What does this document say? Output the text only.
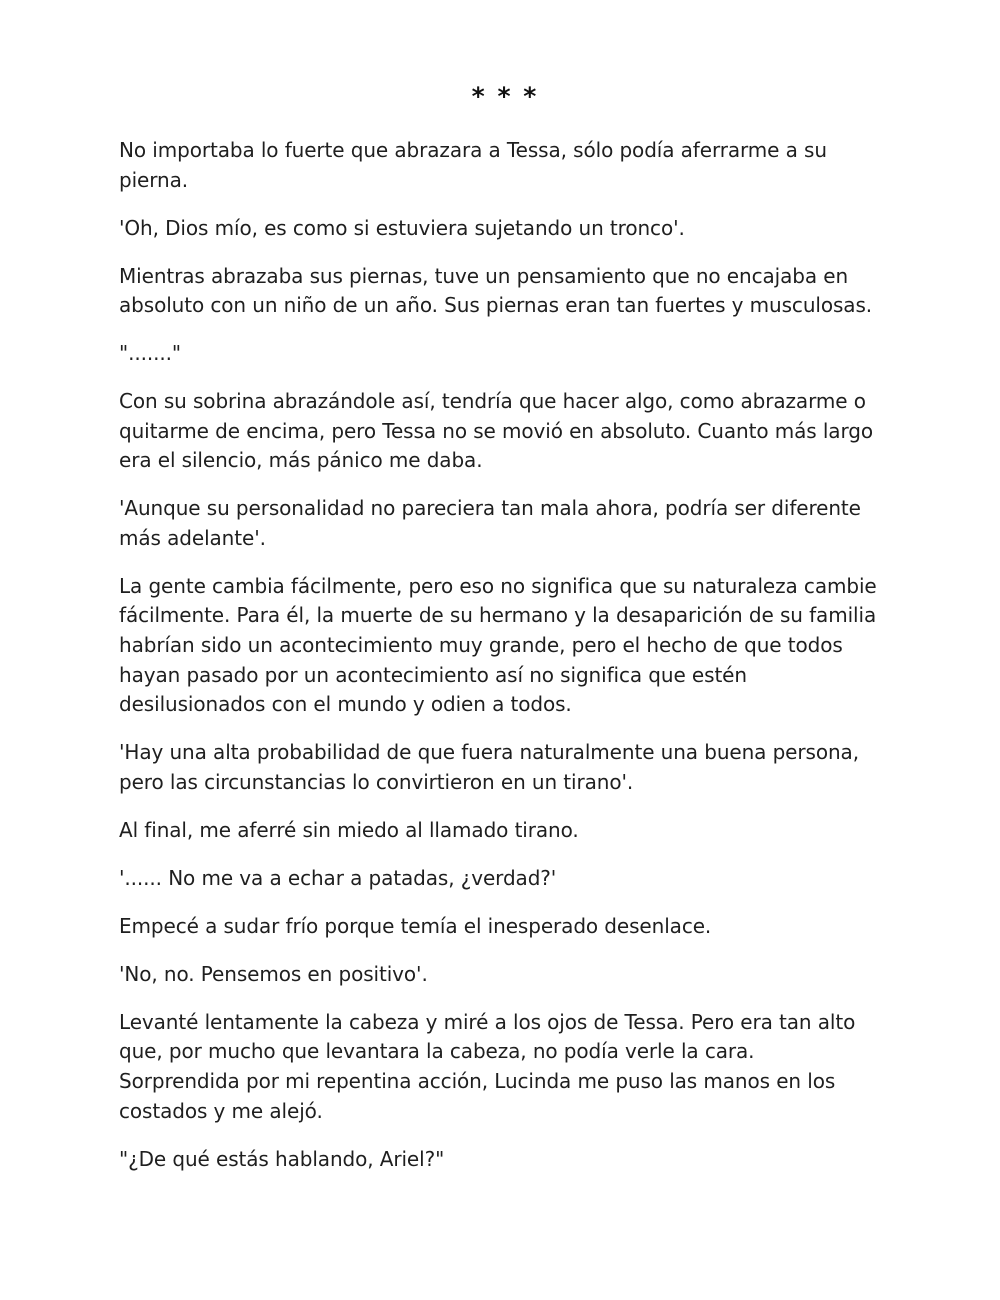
* * *

No importaba lo fuerte que abrazara a Tessa, sólo podía aferrarme a su
pierna.

'Oh, Dios mío, es como si estuviera sujetando un tronco'.

Mientras abrazaba sus piernas, tuve un pensamiento que no encajaba en
absoluto con un niño de un año. Sus piernas eran tan fuertes y musculosas.

"......."

Con su sobrina abrazándole así, tendría que hacer algo, como abrazarme o
quitarme de encima, pero Tessa no se movió en absoluto. Cuanto más largo
era el silencio, más pánico me daba.

'Aunque su personalidad no pareciera tan mala ahora, podría ser diferente
más adelante'.

La gente cambia fácilmente, pero eso no significa que su naturaleza cambie
fácilmente. Para él, la muerte de su hermano y la desaparición de su familia
habrían sido un acontecimiento muy grande, pero el hecho de que todos
hayan pasado por un acontecimiento así no significa que estén
desilusionados con el mundo y odien a todos.

'Hay una alta probabilidad de que fuera naturalmente una buena persona,
pero las circunstancias lo convirtieron en un tirano'.

Al final, me aferré sin miedo al llamado tirano.

'...... No me va a echar a patadas, ¿verdad?'

Empecé a sudar frío porque temía el inesperado desenlace.

'No, no. Pensemos en positivo'.

Levanté lentamente la cabeza y miré a los ojos de Tessa. Pero era tan alto
que, por mucho que levantara la cabeza, no podía verle la cara.
Sorprendida por mi repentina acción, Lucinda me puso las manos en los
costados y me alejó.

"¿De qué estás hablando, Ariel?"
